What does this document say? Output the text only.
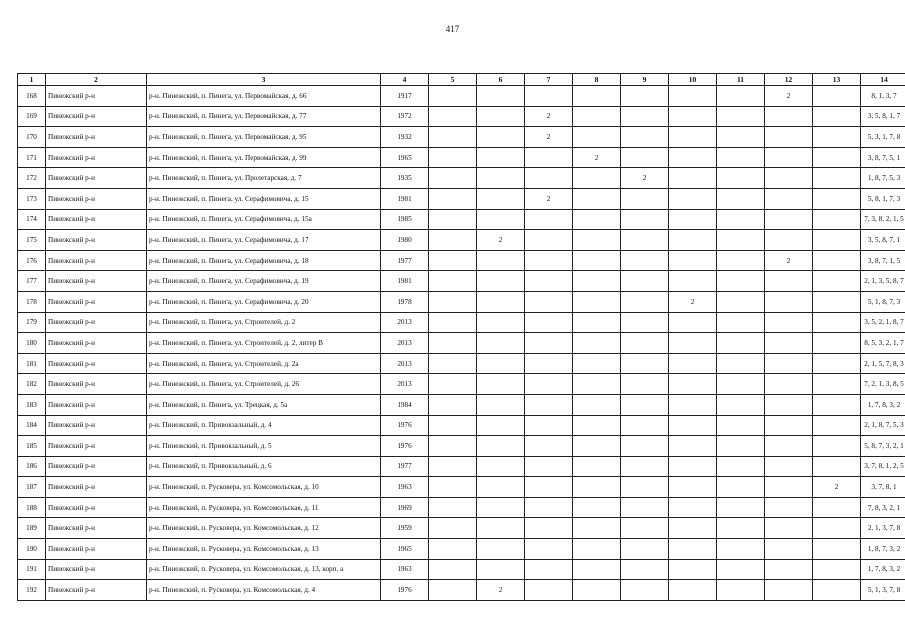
417
1	2	3	4	5	6	7	8	9	10	11	12	13	14
168	Пинежский р-н	р-н. Пинежский, п. Пинега, ул. Первомайская, д. 66	1917								2		8, 1, 3, 7
169	Пинежский р-н	р-н. Пинежский, п. Пинега, ул. Первомайская, д. 77	1972			2							3, 5, 8, 1, 7
170	Пинежский р-н	р-н. Пинежский, п. Пинега, ул. Первомайская, д. 95	1932			2							5, 3, 1, 7, 8
171	Пинежский р-н	р-н. Пинежский, п. Пинега, ул. Первомайская, д. 99	1965				2						3, 8, 7, 5, 1
172	Пинежский р-н	р-н. Пинежский, п. Пинега, ул. Пролетарская, д. 7	1935					2					1, 8, 7, 5, 3
173	Пинежский р-н	р-н. Пинежский, п. Пинега, ул. Серафимовича, д. 15	1981			2							5, 8, 1, 7, 3
174	Пинежский р-н	р-н. Пинежский, п. Пинега, ул. Серафимовича, д. 15а	1985										7, 3, 8, 2, 1, 5
175	Пинежский р-н	р-н. Пинежский, п. Пинега, ул. Серафимовича, д. 17	1980		2								3, 5, 8, 7, 1
176	Пинежский р-н	р-н. Пинежский, п. Пинега, ул. Серафимовича, д. 18	1977								2		3, 8, 7, 1, 5
177	Пинежский р-н	р-н. Пинежский, п. Пинега, ул. Серафимовича, д. 19	1981										2, 1, 3, 5, 8, 7
178	Пинежский р-н	р-н. Пинежский, п. Пинега, ул. Серафимовича, д. 20	1978						2				5, 1, 8, 7, 3
179	Пинежский р-н	р-н. Пинежский, п. Пинега, ул. Строителей, д. 2	2013										3, 5, 2, 1, 8, 7
180	Пинежский р-н	р-н. Пинежский, п. Пинега, ул. Строителей, д. 2, литер В	2013										8, 5, 3, 2, 1, 7
181	Пинежский р-н	р-н. Пинежский, п. Пинега, ул. Строителей, д. 2а	2013										2, 1, 5, 7, 8, 3
182	Пинежский р-н	р-н. Пинежский, п. Пинега, ул. Строителей, д. 26	2013										7, 2, 1, 3, 8, 5
183	Пинежский р-н	р-н. Пинежский, п. Пинега, ул. Трецкая, д. 5а	1984										1, 7, 8, 3, 2
184	Пинежский р-н	р-н. Пинежский, п. Привокзальный, д. 4	1976										2, 1, 8, 7, 5, 3
185	Пинежский р-н	р-н. Пинежский, п. Привокзальный, д. 5	1976										5, 8, 7, 3, 2, 1
186	Пинежский р-н	р-н. Пинежский, п. Привокзальный, д. 6	1977										3, 7, 8, 1, 2, 5
187	Пинежский р-н	р-н. Пинежский, п. Русковера, ул. Комсомольская, д. 10	1963									2	3, 7, 8, 1
188	Пинежский р-н	р-н. Пинежский, п. Русковера, ул. Комсомольская, д. 11	1969										7, 8, 3, 2, 1
189	Пинежский р-н	р-н. Пинежский, п. Русковера, ул. Комсомольская, д. 12	1959										2, 1, 3, 7, 8
190	Пинежский р-н	р-н. Пинежский, п. Русковера, ул. Комсомольская, д. 13	1965										1, 8, 7, 3, 2
191	Пинежский р-н	р-н. Пинежский, п. Русковера, ул. Комсомольская, д. 13, корп. а	1963										1, 7, 8, 3, 2
192	Пинежский р-н	р-н. Пинежский, п. Русковера, ул. Комсомольская, д. 4	1976		2								5, 1, 3, 7, 8
